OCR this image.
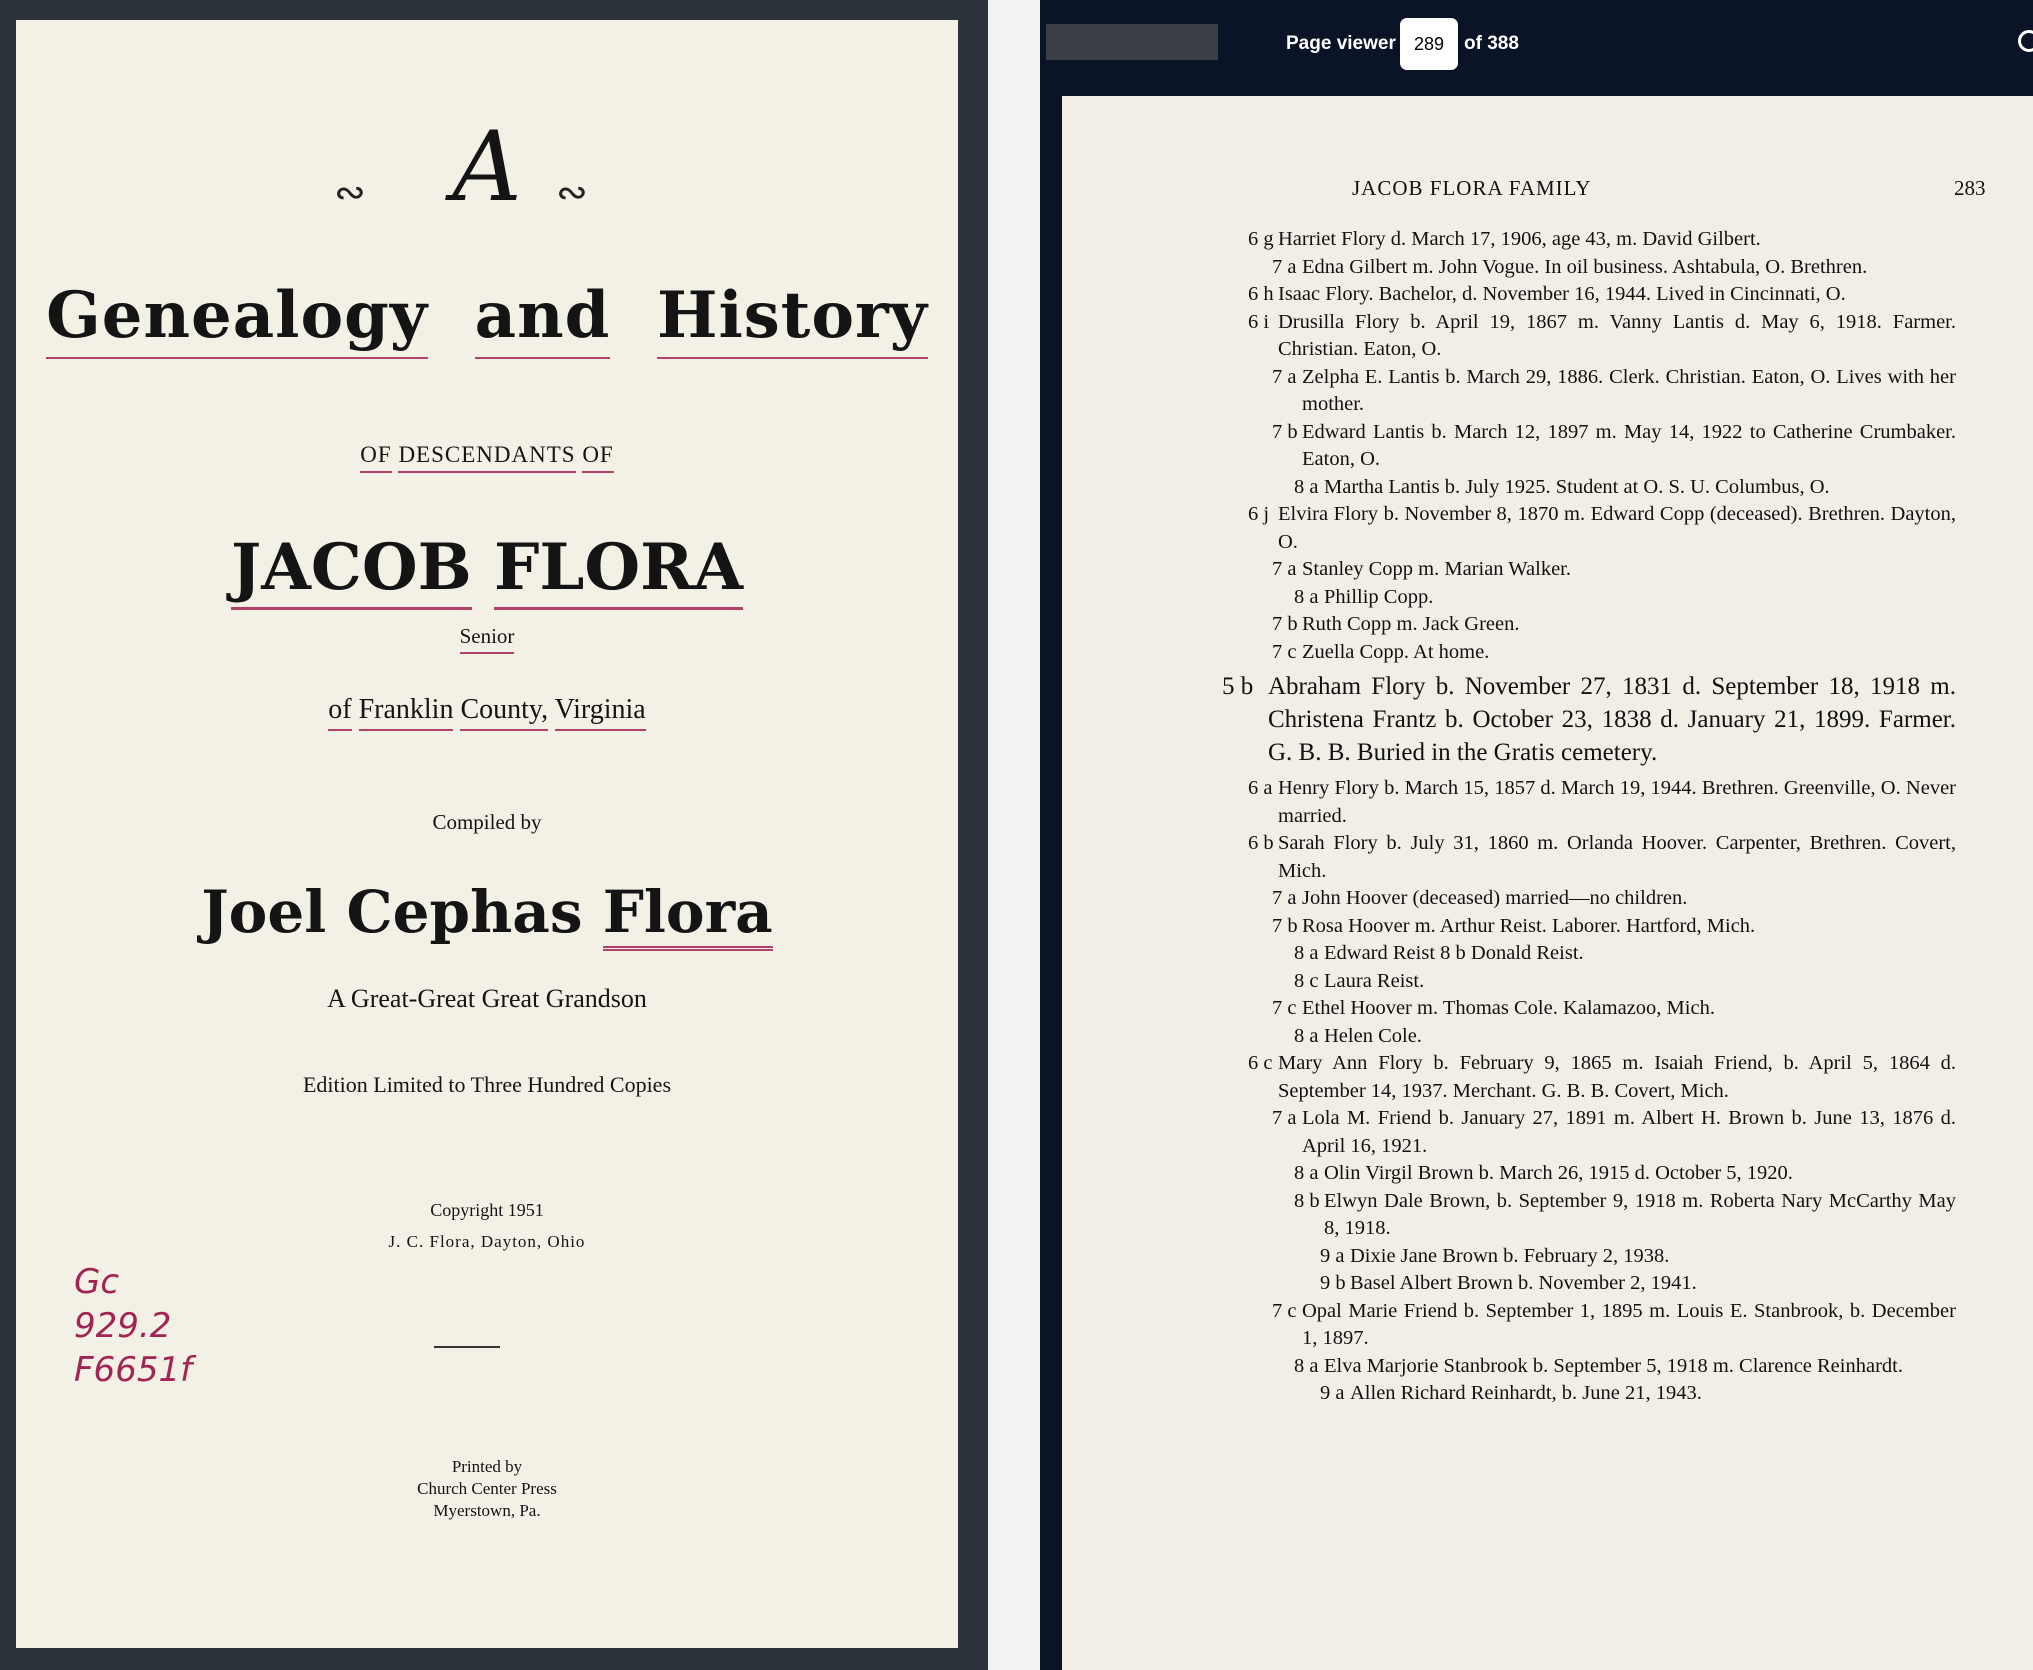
∾ A ∾
Genealogy and History
OF DESCENDANTS OF
JACOB FLORA
Senior
of Franklin County, Virginia
Compiled by
Joel Cephas Flora
A Great-Great Great Grandson
Edition Limited to Three Hundred Copies
Copyright 1951
J. C. Flora, Dayton, Ohio
Gc
929.2
F6651f
Printed by
Church Center Press
Myerstown, Pa.
Page viewer
289	of 388
JACOB FLORA FAMILY	283
6 g Harriet Flory d. March 17, 1906, age 43, m. David Gilbert.
7 a Edna Gilbert m. John Vogue. In oil business. Ashtabula, O. Brethren.
6 h Isaac Flory. Bachelor, d. November 16, 1944. Lived in Cincinnati, O.
6 i Drusilla Flory b. April 19, 1867 m. Vanny Lantis d. May 6, 1918. Farmer. Christian. Eaton, O.
7 a Zelpha E. Lantis b. March 29, 1886. Clerk. Christian. Eaton, O. Lives with her mother.
7 b Edward Lantis b. March 12, 1897 m. May 14, 1922 to Catherine Crumbaker. Eaton, O.
8 a Martha Lantis b. July 1925. Student at O. S. U. Columbus, O.
6 j Elvira Flory b. November 8, 1870 m. Edward Copp (deceased). Brethren. Dayton, O.
7 a Stanley Copp m. Marian Walker.
8 a Phillip Copp.
7 b Ruth Copp m. Jack Green.
7 c Zuella Copp. At home.
5 b Abraham Flory b. November 27, 1831 d. September 18, 1918 m. Christena Frantz b. October 23, 1838 d. January 21, 1899. Farmer. G. B. B. Buried in the Gratis cemetery.
6 a Henry Flory b. March 15, 1857 d. March 19, 1944. Brethren. Greenville, O. Never married.
6 b Sarah Flory b. July 31, 1860 m. Orlanda Hoover. Carpenter, Brethren. Covert, Mich.
7 a John Hoover (deceased) married—no children.
7 b Rosa Hoover m. Arthur Reist. Laborer. Hartford, Mich.
8 a Edward Reist 8 b Donald Reist.
8 c Laura Reist.
7 c Ethel Hoover m. Thomas Cole. Kalamazoo, Mich.
8 a Helen Cole.
6 c Mary Ann Flory b. February 9, 1865 m. Isaiah Friend, b. April 5, 1864 d. September 14, 1937. Merchant. G. B. B. Covert, Mich.
7 a Lola M. Friend b. January 27, 1891 m. Albert H. Brown b. June 13, 1876 d. April 16, 1921.
8 a Olin Virgil Brown b. March 26, 1915 d. October 5, 1920.
8 b Elwyn Dale Brown, b. September 9, 1918 m. Roberta Nary McCarthy May 8, 1918.
9 a Dixie Jane Brown b. February 2, 1938.
9 b Basel Albert Brown b. November 2, 1941.
7 c Opal Marie Friend b. September 1, 1895 m. Louis E. Stanbrook, b. December 1, 1897.
8 a Elva Marjorie Stanbrook b. September 5, 1918 m. Clarence Reinhardt.
9 a Allen Richard Reinhardt, b. June 21, 1943.
